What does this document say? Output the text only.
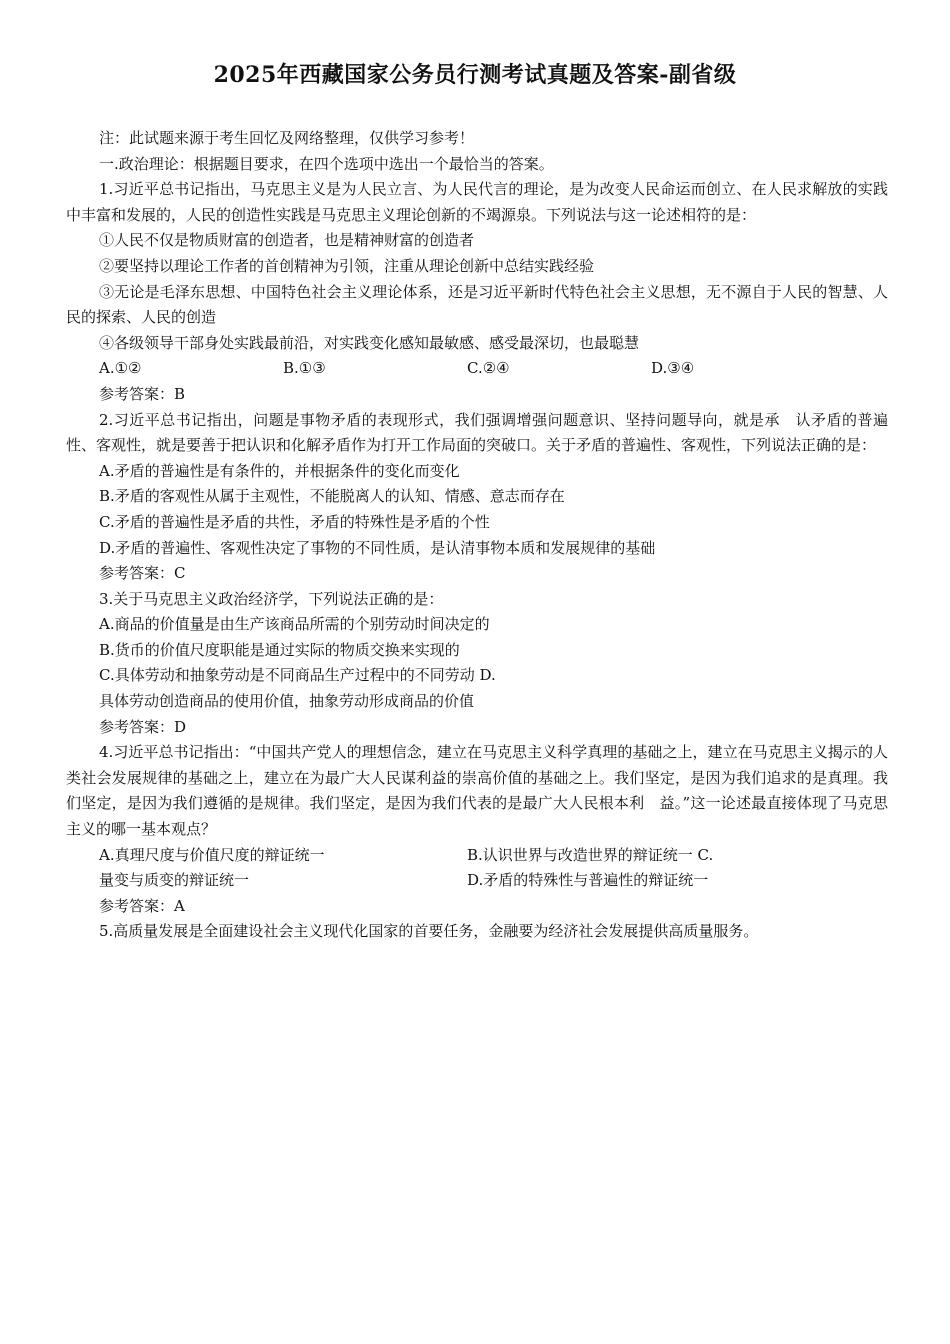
2025年西藏国家公务员行测考试真题及答案-副省级
注：此试题来源于考生回忆及网络整理，仅供学习参考！
一.政治理论：根据题目要求，在四个选项中选出一个最恰当的答案。
1.习近平总书记指出，马克思主义是为人民立言、为人民代言的理论，是为改变人民命运而创立、在人民求解放的实践中丰富和发展的，人民的创造性实践是马克思主义理论创新的不竭源泉。下列说法与这一论述相符的是：
①人民不仅是物质财富的创造者，也是精神财富的创造者
②要坚持以理论工作者的首创精神为引领，注重从理论创新中总结实践经验
③无论是毛泽东思想、中国特色社会主义理论体系，还是习近平新时代特色社会主义思想，无不源自于人民的智慧、人民的探索、人民的创造
④各级领导干部身处实践最前沿，对实践变化感知最敏感、感受最深切，也最聪慧
A.①②	B.①③	C.②④	D.③④
参考答案：B
2.习近平总书记指出，问题是事物矛盾的表现形式，我们强调增强问题意识、坚持问题导向，就是承　认矛盾的普遍性、客观性，就是要善于把认识和化解矛盾作为打开工作局面的突破口。关于矛盾的普遍性、客观性，下列说法正确的是：
A.矛盾的普遍性是有条件的，并根据条件的变化而变化
B.矛盾的客观性从属于主观性，不能脱离人的认知、情感、意志而存在
C.矛盾的普遍性是矛盾的共性，矛盾的特殊性是矛盾的个性
D.矛盾的普遍性、客观性决定了事物的不同性质，是认清事物本质和发展规律的基础
参考答案：C
3.关于马克思主义政治经济学，下列说法正确的是：
A.商品的价值量是由生产该商品所需的个别劳动时间决定的
B.货币的价值尺度职能是通过实际的物质交换来实现的
C.具体劳动和抽象劳动是不同商品生产过程中的不同劳动 D.
具体劳动创造商品的使用价值，抽象劳动形成商品的价值
参考答案：D
4.习近平总书记指出：“中国共产党人的理想信念，建立在马克思主义科学真理的基础之上，建立在马克思主义揭示的人类社会发展规律的基础之上，建立在为最广大人民谋利益的崇高价值的基础之上。我们坚定，是因为我们追求的是真理。我们坚定，是因为我们遵循的是规律。我们坚定，是因为我们代表的是最广大人民根本利　益。”这一论述最直接体现了马克思主义的哪一基本观点？
A.真理尺度与价值尺度的辩证统一	B.认识世界与改造世界的辩证统一 C.
量变与质变的辩证统一	D.矛盾的特殊性与普遍性的辩证统一
参考答案：A
5.高质量发展是全面建设社会主义现代化国家的首要任务，金融要为经济社会发展提供高质量服务。
